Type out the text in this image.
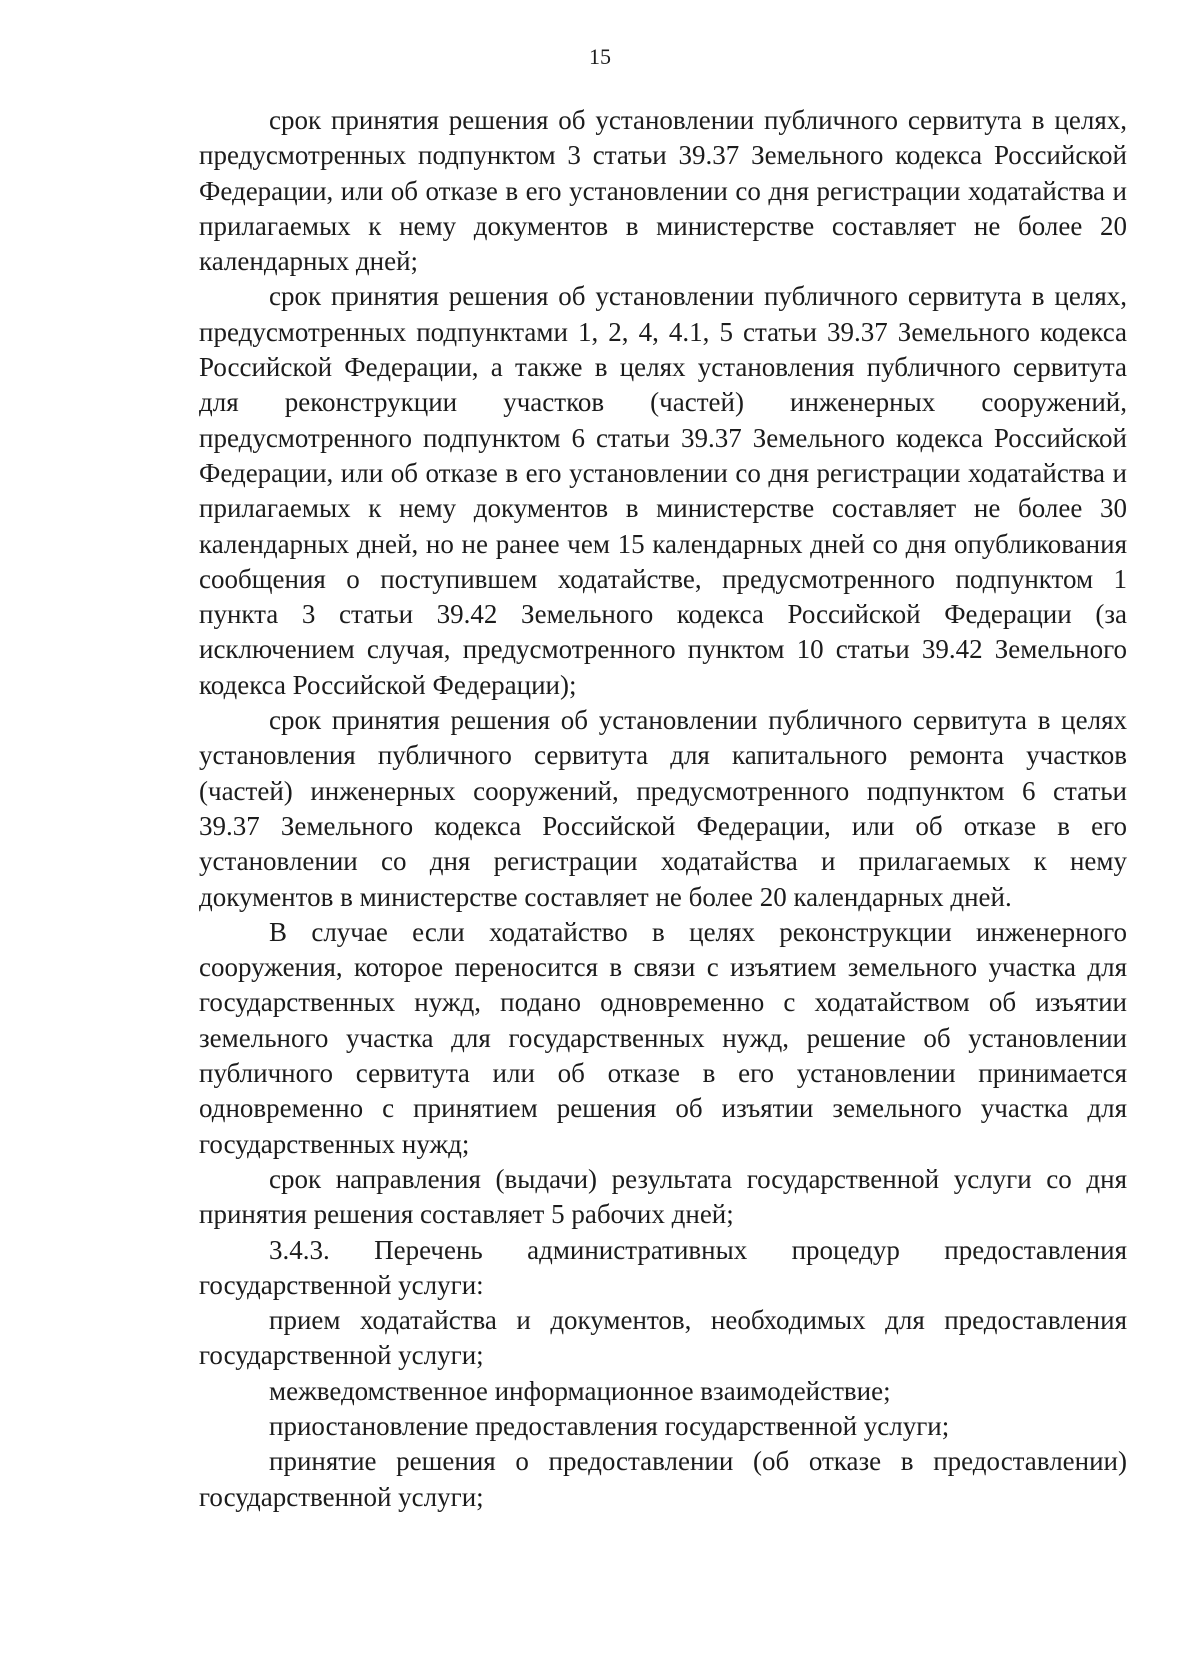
15

срок принятия решения об установлении публичного сервитута в целях, предусмотренных подпунктом 3 статьи 39.37 Земельного кодекса Российской Федерации, или об отказе в его установлении со дня регистрации ходатайства и прилагаемых к нему документов в министерстве составляет не более 20 календарных дней;

срок принятия решения об установлении публичного сервитута в целях, предусмотренных подпунктами 1, 2, 4, 4.1, 5 статьи 39.37 Земельного кодекса Российской Федерации, а также в целях установления публичного сервитута для реконструкции участков (частей) инженерных сооружений, предусмотренного подпунктом 6 статьи 39.37 Земельного кодекса Российской Федерации, или об отказе в его установлении со дня регистрации ходатайства и прилагаемых к нему документов в министерстве составляет не более 30 календарных дней, но не ранее чем 15 календарных дней со дня опубликования сообщения о поступившем ходатайстве, предусмотренного подпунктом 1 пункта 3 статьи 39.42 Земельного кодекса Российской Федерации (за исключением случая, предусмотренного пунктом 10 статьи 39.42 Земельного кодекса Российской Федерации);

срок принятия решения об установлении публичного сервитута в целях установления публичного сервитута для капитального ремонта участков (частей) инженерных сооружений, предусмотренного подпунктом 6 статьи 39.37 Земельного кодекса Российской Федерации, или об отказе в его установлении со дня регистрации ходатайства и прилагаемых к нему документов в министерстве составляет не более 20 календарных дней.

В случае если ходатайство в целях реконструкции инженерного сооружения, которое переносится в связи с изъятием земельного участка для государственных нужд, подано одновременно с ходатайством об изъятии земельного участка для государственных нужд, решение об установлении публичного сервитута или об отказе в его установлении принимается одновременно с принятием решения об изъятии земельного участка для государственных нужд;

срок направления (выдачи) результата государственной услуги со дня принятия решения составляет 5 рабочих дней;

3.4.3. Перечень административных процедур предоставления государственной услуги:

прием ходатайства и документов, необходимых для предоставления государственной услуги;

межведомственное информационное взаимодействие;

приостановление предоставления государственной услуги;

принятие решения о предоставлении (об отказе в предоставлении) государственной услуги;
